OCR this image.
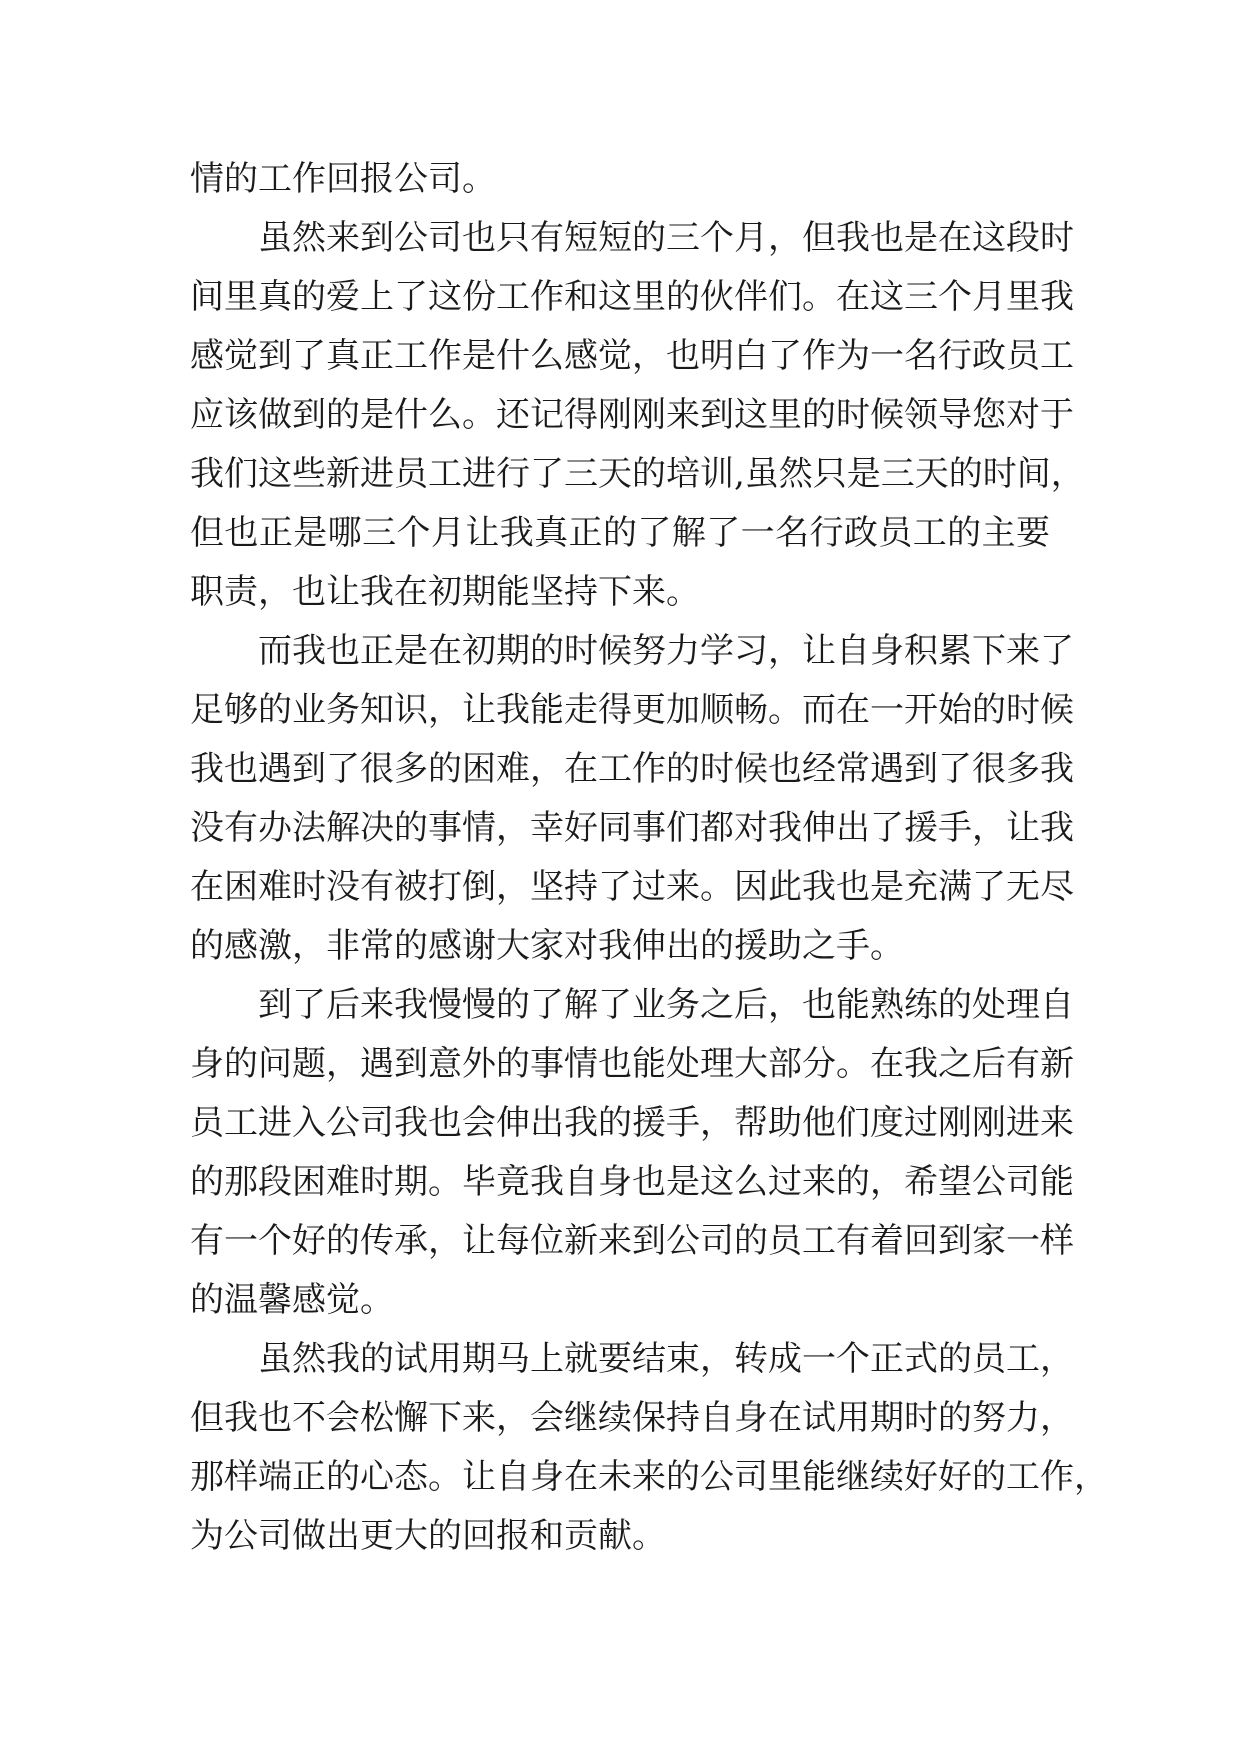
情的工作回报公司。
虽然来到公司也只有短短的三个月，但我也是在这段时
间里真的爱上了这份工作和这里的伙伴们。在这三个月里我
感觉到了真正工作是什么感觉，也明白了作为一名行政员工
应该做到的是什么。还记得刚刚来到这里的时候领导您对于
我们这些新进员工进行了三天的培训,虽然只是三天的时间，
但也正是哪三个月让我真正的了解了一名行政员工的主要
职责，也让我在初期能坚持下来。
而我也正是在初期的时候努力学习，让自身积累下来了
足够的业务知识，让我能走得更加顺畅。而在一开始的时候
我也遇到了很多的困难，在工作的时候也经常遇到了很多我
没有办法解决的事情，幸好同事们都对我伸出了援手，让我
在困难时没有被打倒，坚持了过来。因此我也是充满了无尽
的感激，非常的感谢大家对我伸出的援助之手。
到了后来我慢慢的了解了业务之后，也能熟练的处理自
身的问题，遇到意外的事情也能处理大部分。在我之后有新
员工进入公司我也会伸出我的援手，帮助他们度过刚刚进来
的那段困难时期。毕竟我自身也是这么过来的，希望公司能
有一个好的传承，让每位新来到公司的员工有着回到家一样
的温馨感觉。
虽然我的试用期马上就要结束，转成一个正式的员工，
但我也不会松懈下来，会继续保持自身在试用期时的努力，
那样端正的心态。让自身在未来的公司里能继续好好的工作，
为公司做出更大的回报和贡献。
